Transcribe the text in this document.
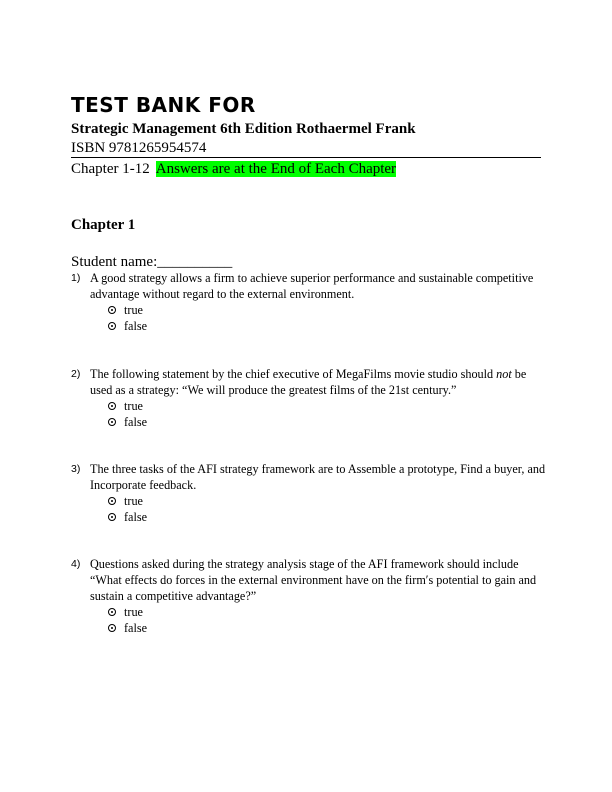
TEST BANK FOR
Strategic Management 6th Edition Rothaermel Frank
ISBN 9781265954574
Chapter 1-12 Answers are at the End of Each Chapter
Chapter 1
Student name:__________
1) A good strategy allows a firm to achieve superior performance and sustainable competitive advantage without regard to the external environment.
true
false
2) The following statement by the chief executive of MegaFilms movie studio should not be used as a strategy: “We will produce the greatest films of the 21st century.”
true
false
3) The three tasks of the AFI strategy framework are to Assemble a prototype, Find a buyer, and Incorporate feedback.
true
false
4) Questions asked during the strategy analysis stage of the AFI framework should include “What effects do forces in the external environment have on the firm′s potential to gain and sustain a competitive advantage?”
true
false
